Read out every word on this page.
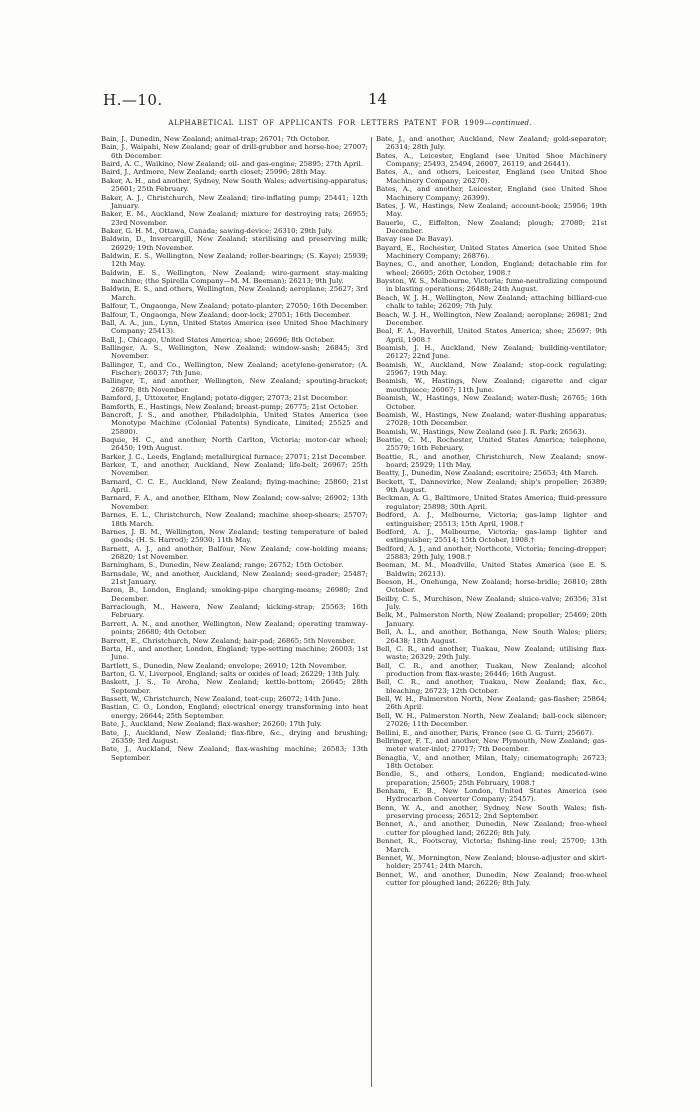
H.—10.	14
ALPHABETICAL LIST OF APPLICANTS FOR LETTERS PATENT FOR 1909—continued.

Bain, J., Dunedin, New Zealand; animal-trap; 26701; 7th October.

Bain, J., Waipahi, New Zealand; gear of drill-grubber and horse-hoe; 27007; 6th December.

Baird, A. C., Waikino, New Zealand; oil- and gas-engine; 25895; 27th April.

Baird, J., Ardmore, New Zealand; earth closet; 25996; 28th May.

Baker, A. H., and another, Sydney, New South Wales; advertising-apparatus; 25601; 25th February.

Baker, A. J., Christchurch, New Zealand; tire-inflating pump; 25441; 12th January.

Baker, E. M., Auckland, New Zealand; mixture for destroying rats; 26955; 23rd November.

Baker, G. H. M., Ottawa, Canada; sawing-device; 26310; 29th July.

Baldwin, D., Invercargill, New Zealand; sterilising and preserving milk; 26929; 19th November.

Baldwin, E. S., Wellington, New Zealand; roller-bearings; (S. Kaye); 25939; 12th May.

Baldwin, E. S., Wellington, New Zealand; wire-garment stay-making machine; (the Spirella Company—M. M. Beeman); 26213; 9th July.

Baldwin, E. S., and others, Wellington, New Zealand; aeroplane; 25627; 3rd March.

Balfour, T., Ongaonga, New Zealand; potato-planter; 27050; 16th December.

Balfour, T., Ongaonga, New Zealand; door-lock; 27051; 16th December.

Ball, A. A., jun., Lynn, United States America (see United Shoe Machinery Company; 25413).

Ball, J., Chicago, United States America; shoe; 26696; 8th October.

Ballinger, A. S., Wellington, New Zealand; window-sash; 26845; 3rd November.

Ballinger, T., and Co., Wellington, New Zealand; acetylene-generator; (A. Fischer); 26037; 7th June.

Ballinger, T., and another, Wellington, New Zealand; spouting-bracket; 26870; 8th November.

Bamford, J., Uttoxeter, England; potato-digger; 27073; 21st December.

Bamforth, E., Hastings, New Zealand; breast-pump; 26775; 21st October.

Bancroft, J. S., and another, Philadelphia, United States America (see Monotype Machine (Colonial Patents) Syndicate, Limited; 25525 and 25890).

Baquie, H. C., and another, North Carlton, Victoria; motor-car wheel; 26450; 19th August.

Barker, J. C., Leeds, England; metallurgical furnace; 27071; 21st December.

Barker, T., and another, Auckland, New Zealand; life-belt; 26967; 25th November.

Barnard, C. C. E., Auckland, New Zealand; flying-machine; 25860; 21st April.

Barnard, F. A., and another, Eltham, New Zealand; cow-salve; 26902; 13th November.

Barnes, E. L., Christchurch, New Zealand; machine sheep-shears; 25707; 18th March.

Barnes, J. B. M., Wellington, New Zealand; testing temperature of baled goods; (H. S. Harrod); 25930; 11th May.

Barnett, A. J., and another, Balfour, New Zealand; cow-holding means; 26820; 1st November.

Barningham, S., Dunedin, New Zealand; range; 26752; 15th October.

Barnsdale, W., and another, Auckland, New Zealand; seed-grader; 25487; 21st January.

Baron, B., London, England; smoking-pipe charging-means; 26980; 2nd December.

Barraclough, M., Hawera, New Zealand; kicking-strap; 25563; 16th February.

Barrett, A. N., and another, Wellington, New Zealand; operating tramway-points; 26680; 4th October.

Barrett, E., Christchurch, New Zealand; hair-pad; 26865; 5th November.

Barta, H., and another, London, England; type-setting machine; 26003; 1st June.

Bartlett, S., Dunedin, New Zealand; envelope; 26910; 12th November.

Barton, G. V., Liverpool, England; salts or oxides of lead; 26229; 13th July.

Baskett, J. S., Te Aroha, New Zealand; kettle-bottom; 26645; 28th September.

Bassett, W., Christchurch, New Zealand, teat-cup; 26072; 14th June.

Bastian, C. O., London, England; electrical energy transforming into heat energy; 26644; 25th September.

Bate, J., Auckland, New Zealand; flax-washer; 26260; 17th July.

Bate, J., Auckland, New Zealand; flax-fibre, &c., drying and brushing; 26359; 3rd August.

Bate, J., Auckland, New Zealand; flax-washing machine; 26583; 13th September.

Bate, J., and another, Auckland, New Zealand; gold-separator; 26314; 28th July.

Bates, A., Leicester, England (see United Shoe Machinery Company; 25493, 25494, 26007, 26119, and 26441).

Bates, A., and others, Leicester, England (see United Shoe Machinery Company; 26270).

Bates, A., and another, Leicester, England (see United Shoe Machinery Company; 26399).

Bates, J. W., Hastings, New Zealand; account-book; 25956; 19th May.

Bauerle, C., Eiffelton, New Zealand; plough; 27080; 21st December.

Bavay (see De Bavay).

Bayard, E., Rochester, United States America (see United Shoe Machinery Company; 26876).

Baynes, C., and another, London, England; detachable rim for wheel; 26695; 26th October, 1908.†

Bayston, W. S., Melbourne, Victoria; fume-neutralizing compound in blasting operations; 26488; 24th August.

Beach, W. J. H., Wellington, New Zealand; attaching billiard-cue chalk to table; 26209; 7th July.

Beach, W. J. H., Wellington, New Zealand; aeroplane; 26981; 2nd December.

Beal, F. A., Haverhill, United States America; shoe; 25697; 9th April, 1908.†

Beamish, J. H., Auckland, New Zealand; building-ventilator; 26127; 22nd June.

Beamish, W., Auckland, New Zealand; stop-cock regulating; 25967; 19th May.

Beamish, W., Hastings, New Zealand; cigarette and cigar mouthpiece; 26067; 11th June.

Beamish, W., Hastings, New Zealand; water-flush; 26765; 16th October.

Beamish, W., Hastings, New Zealand; water-flushing apparatus; 27028; 10th December.

Beamish, W., Hastings, New Zealand (see J. R. Park; 26563).

Beattie, C. M., Rochester, United States America; telephone, 25579; 16th February.

Beattie, R., and another, Christchurch, New Zealand; snow-board; 25929; 11th May.

Beatty, J., Dunedin, New Zealand; escritoire; 25653; 4th March.

Beckett, T., Dannevirke, New Zealand; ship's propeller; 26389; 9th August.

Beckman, A. G., Baltimore, United States America; fluid-pressure regulator; 25898; 30th April.

Bedford, A. J., Melbourne, Victoria; gas-lamp lighter and extinguisher; 25513; 15th April, 1908.†

Bedford, A. J., Melbourne, Victoria; gas-lamp lighter and extinguisher; 25514; 15th October, 1908.†

Bedford, A. J., and another, Northcote, Victoria; fencing-dropper; 25883; 29th July, 1908.†

Beeman, M. M., Meadville, United States America (see E. S. Baldwin; 26213).

Beeson, H., Onehunga, New Zealand; horse-bridle; 26810; 28th October.

Beilby, C. S., Murchison, New Zealand; sluice-valve; 26356; 31st July.

Belk, M., Palmerston North, New Zealand; propeller; 25469; 20th January.

Bell, A. L., and another, Bethanga, New South Wales; pliers; 26438; 18th August.

Bell, C. R., and another, Tuakau, New Zealand; utilising flax-waste; 26329; 29th July.

Bell, C. R., and another, Tuakau, New Zealand; alcohol production from flax-waste; 26446; 16th August.

Bell, C. R., and another, Tuakau, New Zealand; flax, &c., bleaching; 26723; 12th October.

Bell, W. H., Palmerston North, New Zealand; gas-flasher; 25864; 26th April.

Bell, W. H., Palmerston North, New Zealand; ball-cock silencer; 27026; 11th December.

Bellini, E., and another, Paris, France (see G. G. Turri; 25667).

Bellringer, F. T., and another, New Plymouth, New Zealand; gas-meter water-inlet; 27017; 7th December.

Benaglia, V., and another, Milan, Italy; cinematograph; 26723; 18th October.

Bendle, S., and others, London, England; medicated-wine preparation; 25605; 25th February, 1908.†

Benham, E. B., New London, United States America (see Hydrocarbon Converter Company; 25457).

Benn, W. A., and another, Sydney, New South Wales; fish-preserving process; 26512; 2nd September.

Bennet, A., and another, Dunedin, New Zealand; free-wheel cutter for ploughed land; 26226; 8th July.

Bennet, R., Footscray, Victoria; fishing-line reel; 25700; 13th March.

Bennet, W., Mornington, New Zealand; blouse-adjuster and skirt-holder; 25741; 24th March.

Bennet, W., and another, Dunedin, New Zealand; free-wheel cutter for ploughed land; 26226; 8th July.
